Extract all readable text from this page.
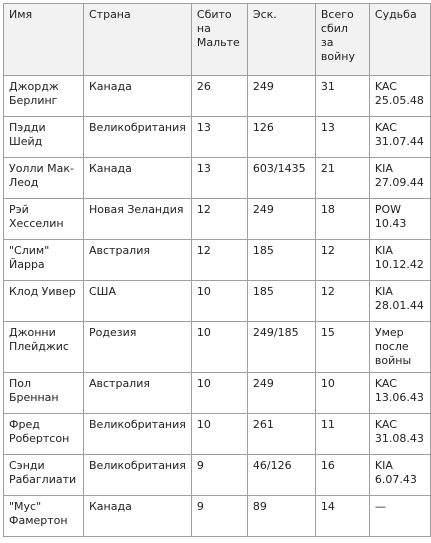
Имя	Страна	Сбито на Мальте	Эск.	Всего сбил за войну	Судьба
Джордж Берлинг	Канада	26	249	31	KAC 25.05.48
Пэдди Шейд	Великобритания	13	126	13	KAC 31.07.44
Уолли Мак-Леод	Канада	13	603/1435	21	KIA 27.09.44
Рэй Хесселин	Новая Зеландия	12	249	18	POW 10.43
"Слим" Йарра	Австралия	12	185	12	KIA 10.12.42
Клод Уивер	США	10	185	12	KIA 28.01.44
Джонни Плейджис	Родезия	10	249/185	15	Умер после войны
Пол Бреннан	Австралия	10	249	10	KAC 13.06.43
Фред Робертсон	Великобритания	10	261	11	KAC 31.08.43
Сэнди Рабаглиати	Великобритания	9	46/126	16	KIA 6.07.43
"Мус" Фамертон	Канада	9	89	14	—
